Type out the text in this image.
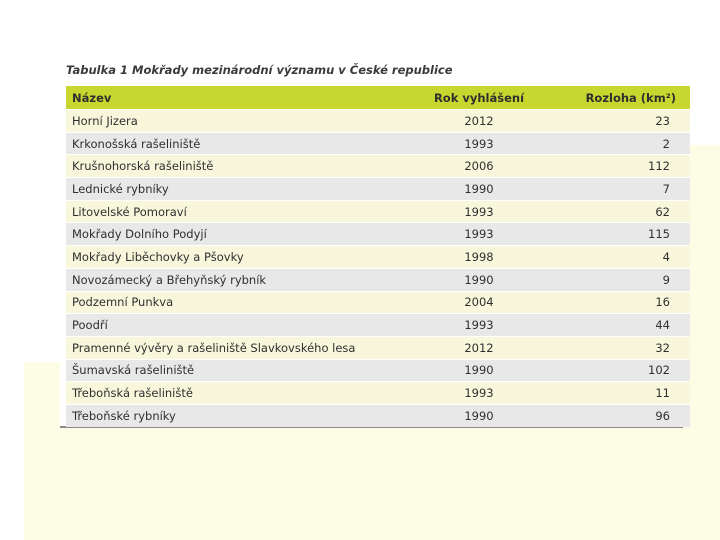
Tabulka 1 Mokřady mezinárodní významu v České republice
Název	Rok vyhlášení	Rozloha (km²)
Horní Jizera	2012	23
Krkonošská rašeliniště	1993	2
Krušnohorská rašeliniště	2006	112
Lednické rybníky	1990	7
Litovelské Pomoraví	1993	62
Mokřady Dolního Podyjí	1993	115
Mokřady Liběchovky a Pšovky	1998	4
Novozámecký a Břehyňský rybník	1990	9
Podzemní Punkva	2004	16
Poodří	1993	44
Pramenné vývěry a rašeliniště Slavkovského lesa	2012	32
Šumavská rašeliniště	1990	102
Třeboňská rašeliniště	1993	11
Třeboňské rybníky	1990	96
